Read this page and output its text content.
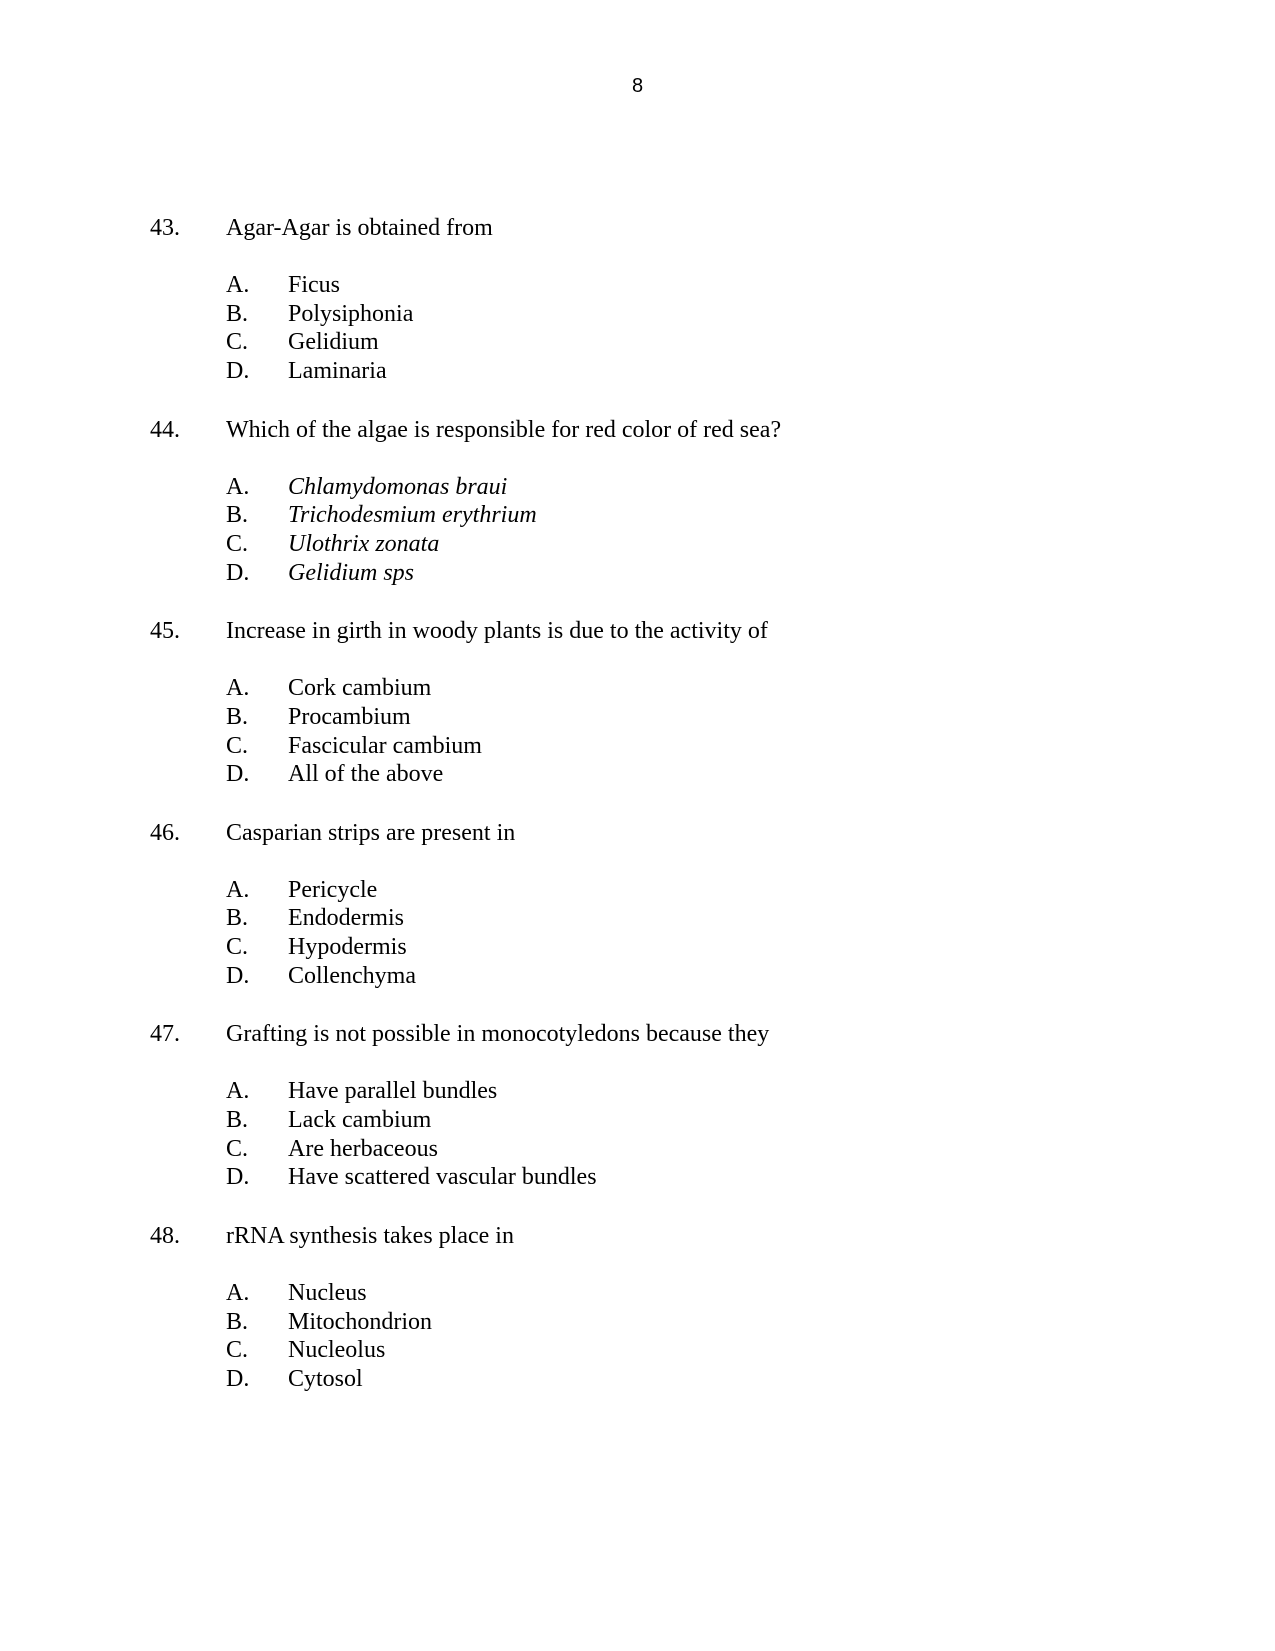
8
43. Agar-Agar is obtained from
A. Ficus
B. Polysiphonia
C. Gelidium
D. Laminaria
44. Which of the algae is responsible for red color of red sea?
A. Chlamydomonas braui
B. Trichodesmium erythrium
C. Ulothrix zonata
D. Gelidium sps
45. Increase in girth in woody plants is due to the activity of
A. Cork cambium
B. Procambium
C. Fascicular cambium
D. All of the above
46. Casparian strips are present in
A. Pericycle
B. Endodermis
C. Hypodermis
D. Collenchyma
47. Grafting is not possible in monocotyledons because they
A. Have parallel bundles
B. Lack cambium
C. Are herbaceous
D. Have scattered vascular bundles
48. rRNA synthesis takes place in
A. Nucleus
B. Mitochondrion
C. Nucleolus
D. Cytosol
